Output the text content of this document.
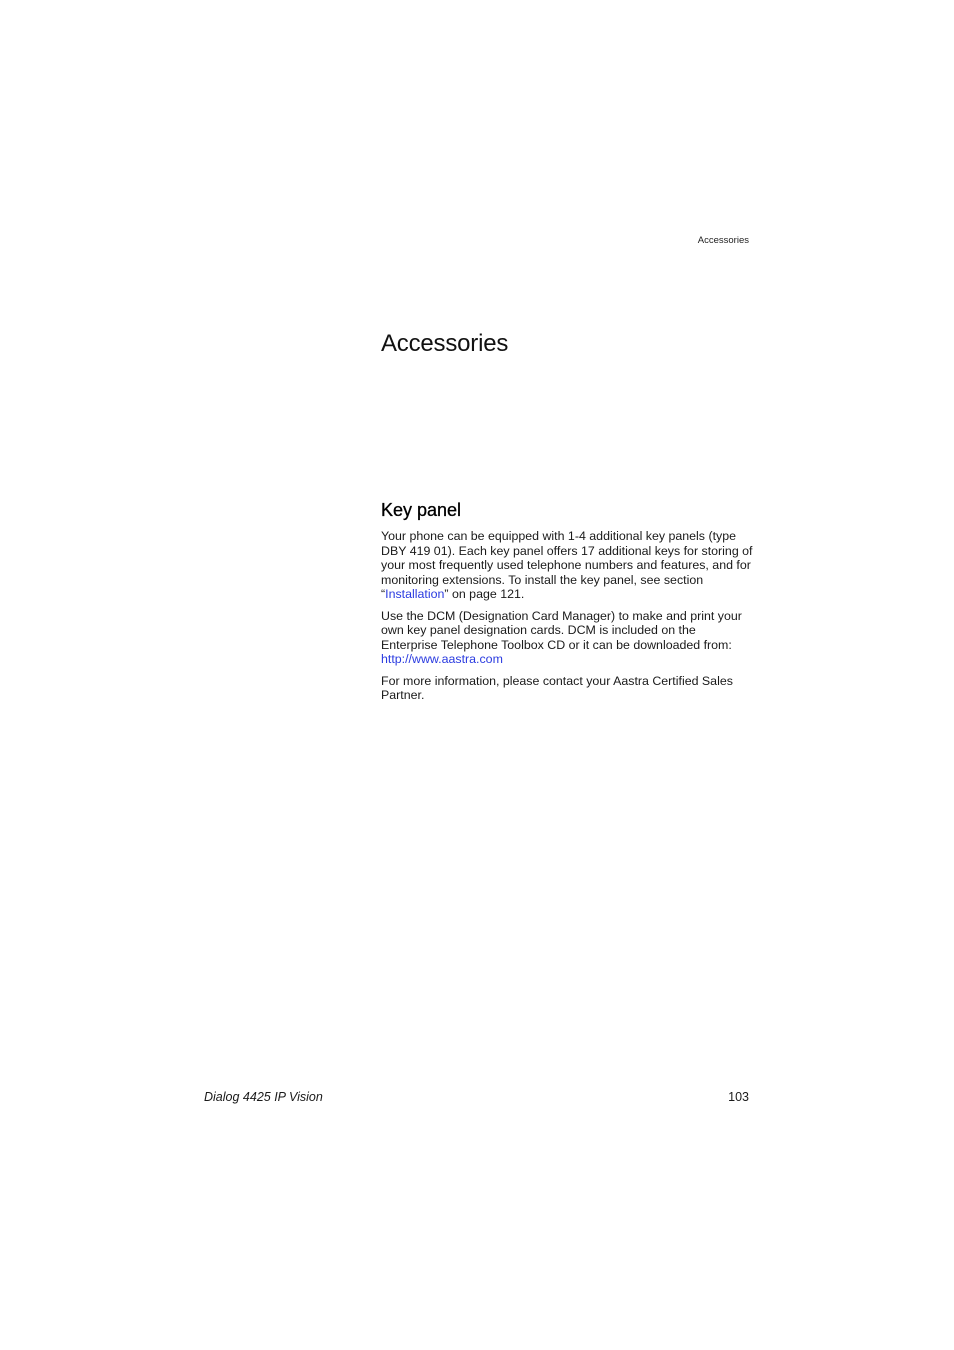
Accessories
Accessories
Key panel

Your phone can be equipped with 1-4 additional key panels (type DBY 419 01). Each key panel offers 17 additional keys for storing of your most frequently used telephone numbers and features, and for monitoring extensions. To install the key panel, see section “Installation” on page 121.

Use the DCM (Designation Card Manager) to make and print your own key panel designation cards. DCM is included on the Enterprise Telephone Toolbox CD or it can be downloaded from:
http://www.aastra.com

For more information, please contact your Aastra Certified Sales Partner.

Dialog 4425 IP Vision	103
